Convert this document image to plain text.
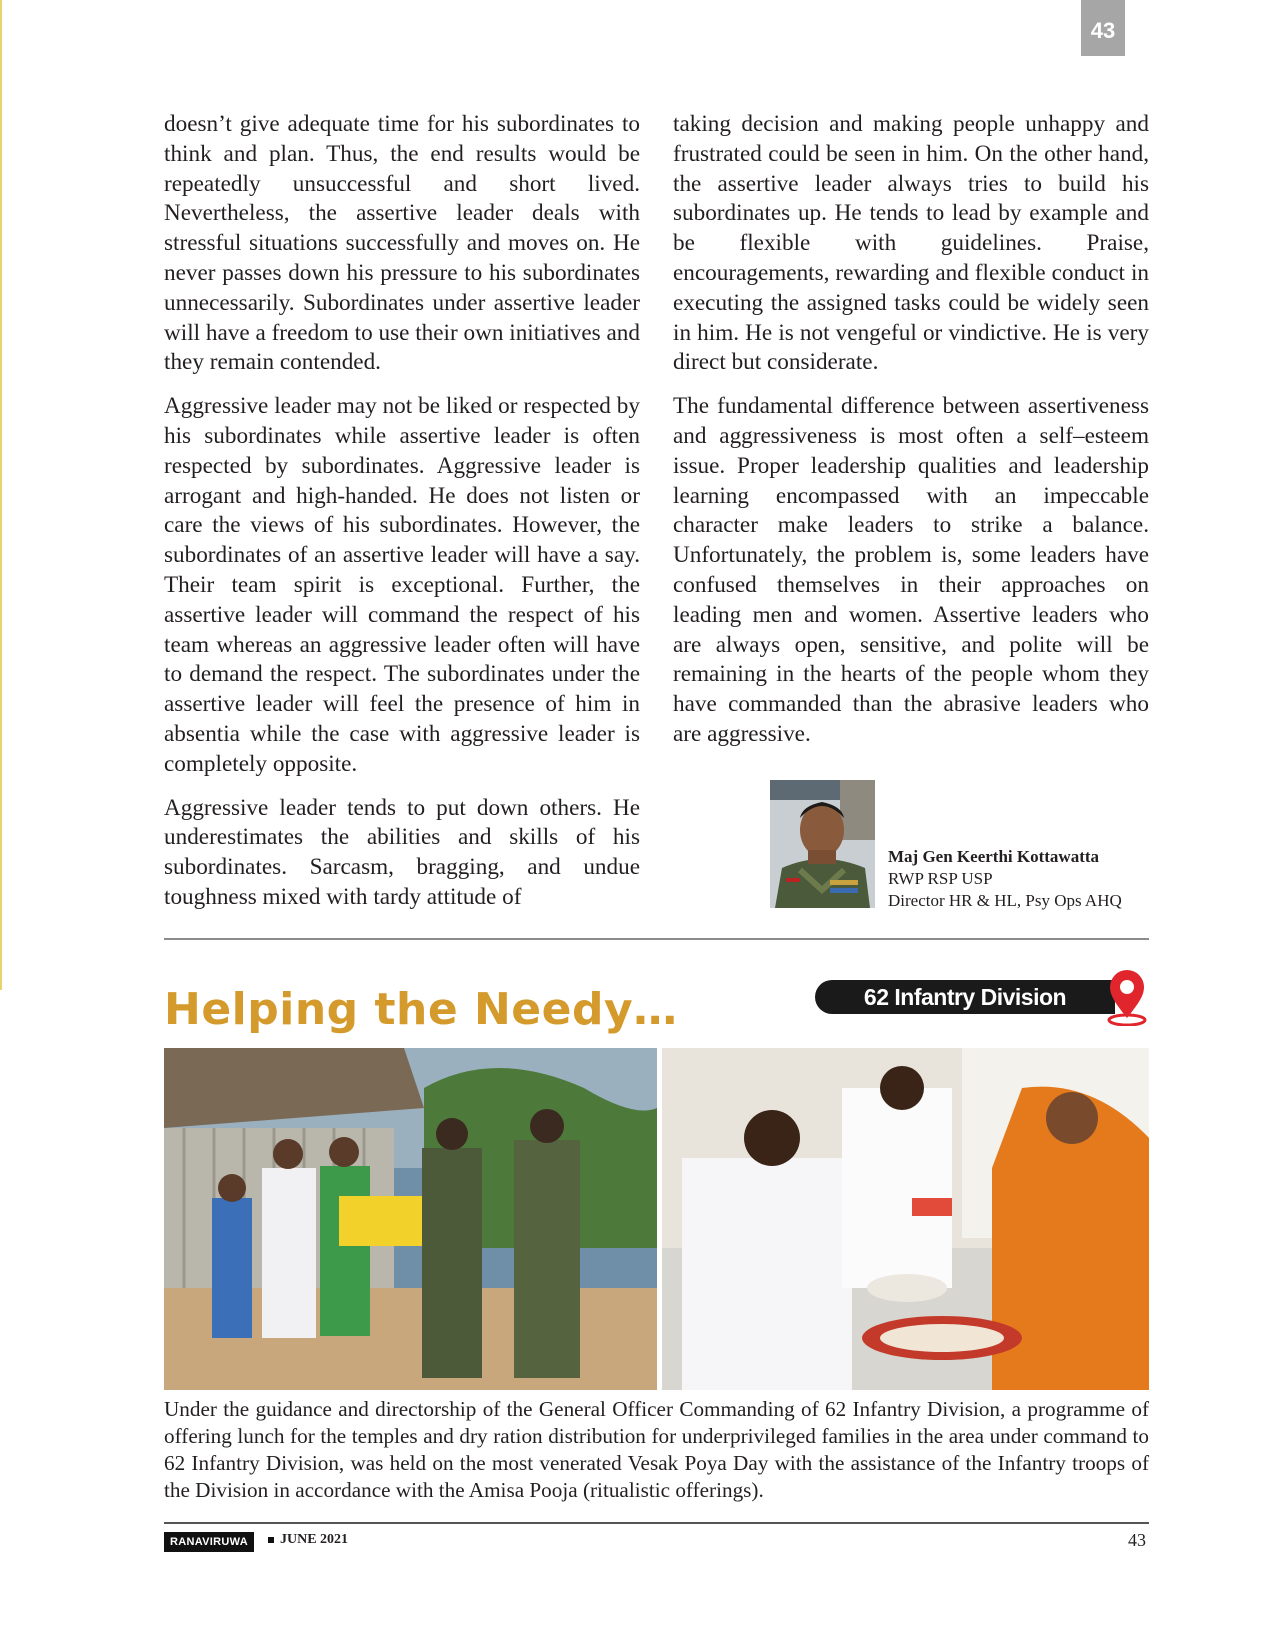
43

doesn’t give adequate time for his subordinates to think and plan. Thus, the end results would be repeatedly unsuccessful and short lived. Nevertheless, the assertive leader deals with stressful situations successfully and moves on. He never passes down his pressure to his subordinates unnecessarily. Subordinates under assertive leader will have a freedom to use their own initiatives and they remain contended.

Aggressive leader may not be liked or respected by his subordinates while assertive leader is often respected by subordinates. Aggressive leader is arrogant and high-handed. He does not listen or care the views of his subordinates. However, the subordinates of an assertive leader will have a say. Their team spirit is exceptional. Further, the assertive leader will command the respect of his team whereas an aggressive leader often will have to demand the respect. The subordinates under the assertive leader will feel the presence of him in absentia while the case with aggressive leader is completely opposite.

Aggressive leader tends to put down others. He underestimates the abilities and skills of his subordinates. Sarcasm, bragging, and undue toughness mixed with tardy attitude of

taking decision and making people unhappy and frustrated could be seen in him. On the other hand, the assertive leader always tries to build his subordinates up. He tends to lead by example and be flexible with guidelines. Praise, encouragements, rewarding and flexible conduct in executing the assigned tasks could be widely seen in him. He is not vengeful or vindictive. He is very direct but considerate.

The fundamental difference between assertiveness and aggressiveness is most often a self–esteem issue. Proper leadership qualities and leadership learning encompassed with an impeccable character make leaders to strike a balance. Unfortunately, the problem is, some leaders have confused themselves in their approaches on leading men and women. Assertive leaders who are always open, sensitive, and polite will be remaining in the hearts of the people whom they have commanded than the abrasive leaders who are aggressive.

Maj Gen Keerthi Kottawatta
RWP RSP USP
Director HR & HL, Psy Ops AHQ
Helping the Needy…	62 Infantry Division
Under the guidance and directorship of the General Officer Commanding of 62 Infantry Division, a programme of offering lunch for the temples and dry ration distribution for underprivileged families in the area under command to 62 Infantry Division, was held on the most venerated Vesak Poya Day with the assistance of the Infantry troops of the Division in accordance with the Amisa Pooja (ritualistic offerings).
RANAVIRUWA	JUNE 2021	43
